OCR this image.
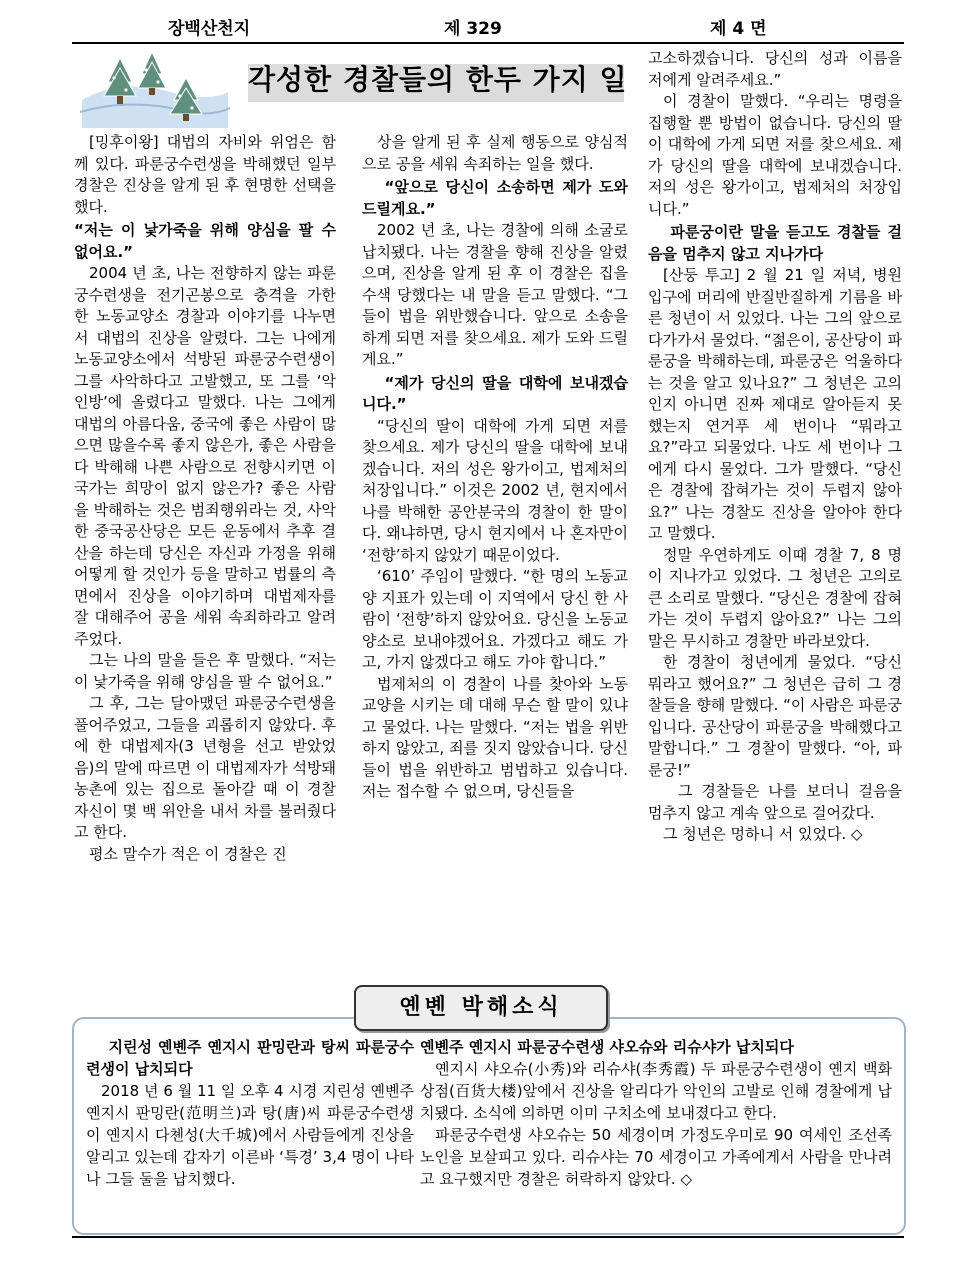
장백산천지	제 329	제 4 면
각성한 경찰들의 한두 가지 일

[밍후이왕] 대법의 자비와 위엄은 함께 있다. 파룬궁수련생을 박해했던 일부 경찰은 진상을 알게 된 후 현명한 선택을 했다.

“저는 이 낯가죽을 위해 양심을 팔 수 없어요.”

2004 년 초, 나는 전향하지 않는 파룬궁수련생을 전기곤봉으로 충격을 가한 한 노동교양소 경찰과 이야기를 나누면서 대법의 진상을 알렸다. 그는 나에게 노동교양소에서 석방된 파룬궁수련생이 그를 사악하다고 고발했고, 또 그를 ‘악인방’에 올렸다고 말했다. 나는 그에게 대법의 아름다움, 중국에 좋은 사람이 많으면 많을수록 좋지 않은가, 좋은 사람을 다 박해해 나쁜 사람으로 전향시키면 이 국가는 희망이 없지 않은가? 좋은 사람을 박해하는 것은 범죄행위라는 것, 사악한 중국공산당은 모든 운동에서 추후 결산을 하는데 당신은 자신과 가정을 위해 어떻게 할 것인가 등을 말하고 법률의 측면에서 진상을 이야기하며 대법제자를 잘 대해주어 공을 세워 속죄하라고 알려주었다.

그는 나의 말을 들은 후 말했다. “저는 이 낯가죽을 위해 양심을 팔 수 없어요.”

그 후, 그는 달아맸던 파룬궁수련생을 풀어주었고, 그들을 괴롭히지 않았다. 후에 한 대법제자(3 년형을 선고 받았었음)의 말에 따르면 이 대법제자가 석방돼 농촌에 있는 집으로 돌아갈 때 이 경찰 자신이 몇 백 위안을 내서 차를 불러줬다고 한다.

평소 말수가 적은 이 경찰은 진

상을 알게 된 후 실제 행동으로 양심적으로 공을 세워 속죄하는 일을 했다.

“앞으로 당신이 소송하면 제가 도와 드릴게요.”

2002 년 초, 나는 경찰에 의해 소굴로 납치됐다. 나는 경찰을 향해 진상을 알렸으며, 진상을 알게 된 후 이 경찰은 집을 수색 당했다는 내 말을 듣고 말했다. “그들이 법을 위반했습니다. 앞으로 소송을 하게 되면 저를 찾으세요. 제가 도와 드릴게요.”

“제가 당신의 딸을 대학에 보내겠습니다.”

“당신의 딸이 대학에 가게 되면 저를 찾으세요. 제가 당신의 딸을 대학에 보내겠습니다. 저의 성은 왕가이고, 법제처의 처장입니다.” 이것은 2002 년, 현지에서 나를 박해한 공안분국의 경찰이 한 말이다. 왜냐하면, 당시 현지에서 나 혼자만이 ‘전향’하지 않았기 때문이었다.

‘610’ 주임이 말했다. “한 명의 노동교양 지표가 있는데 이 지역에서 당신 한 사람이 ‘전향’하지 않았어요. 당신을 노동교양소로 보내야겠어요. 가겠다고 해도 가고, 가지 않겠다고 해도 가야 합니다.”

법제처의 이 경찰이 나를 찾아와 노동교양을 시키는 데 대해 무슨 할 말이 있냐고 물었다. 나는 말했다. “저는 법을 위반하지 않았고, 죄를 짓지 않았습니다. 당신들이 법을 위반하고 범법하고 있습니다. 저는 접수할 수 없으며, 당신들을

고소하겠습니다. 당신의 성과 이름을 저에게 알려주세요.”

이 경찰이 말했다. “우리는 명령을 집행할 뿐 방법이 없습니다. 당신의 딸이 대학에 가게 되면 저를 찾으세요. 제가 당신의 딸을 대학에 보내겠습니다. 저의 성은 왕가이고, 법제처의 처장입니다.”

파룬궁이란 말을 듣고도 경찰들 걸음을 멈추지 않고 지나가다

[산둥 투고] 2 월 21 일 저녁, 병원 입구에 머리에 반질반질하게 기름을 바른 청년이 서 있었다. 나는 그의 앞으로 다가가서 물었다. “젊은이, 공산당이 파룬궁을 박해하는데, 파룬궁은 억울하다는 것을 알고 있나요?” 그 청년은 고의인지 아니면 진짜 제대로 알아듣지 못했는지 연거푸 세 번이나 “뭐라고요?”라고 되물었다. 나도 세 번이나 그에게 다시 물었다. 그가 말했다. “당신은 경찰에 잡혀가는 것이 두렵지 않아요?” 나는 경찰도 진상을 알아야 한다고 말했다.

정말 우연하게도 이때 경찰 7, 8 명이 지나가고 있었다. 그 청년은 고의로 큰 소리로 말했다. “당신은 경찰에 잡혀가는 것이 두렵지 않아요?” 나는 그의 말은 무시하고 경찰만 바라보았다.

한 경찰이 청년에게 물었다. “당신 뭐라고 했어요?” 그 청년은 급히 그 경찰들을 향해 말했다. “이 사람은 파룬궁입니다. 공산당이 파룬궁을 박해했다고 말합니다.” 그 경찰이 말했다. “아, 파룬궁!”

그 경찰들은 나를 보더니 걸음을 멈추지 않고 계속 앞으로 걸어갔다.

그 청년은 멍하니 서 있었다. ◇

옌볜 박해소식

지린성 옌볜주 옌지시 판밍란과 탕씨 파룬궁수련생이 납치되다

2018 년 6 월 11 일 오후 4 시경 지린성 옌볜주 옌지시 판밍란(范明兰)과 탕(唐)씨 파룬궁수련생이 옌지시 다쳰성(大千城)에서 사람들에게 진상을 알리고 있는데 갑자기 이른바 ‘특경’ 3,4 명이 나타나 그들 둘을 납치했다.

옌볜주 옌지시 파룬궁수련생 샤오슈와 리슈샤가 납치되다

옌지시 샤오슈(小秀)와 리슈샤(李秀霞) 두 파룬궁수련생이 옌지 백화상점(百货大楼)앞에서 진상을 알리다가 악인의 고발로 인해 경찰에게 납치됐다. 소식에 의하면 이미 구치소에 보내졌다고 한다.

파룬궁수련생 샤오슈는 50 세경이며 가정도우미로 90 여세인 조선족 노인을 보살피고 있다. 리슈샤는 70 세경이고 가족에게서 사람을 만나려고 요구했지만 경찰은 허락하지 않았다. ◇
